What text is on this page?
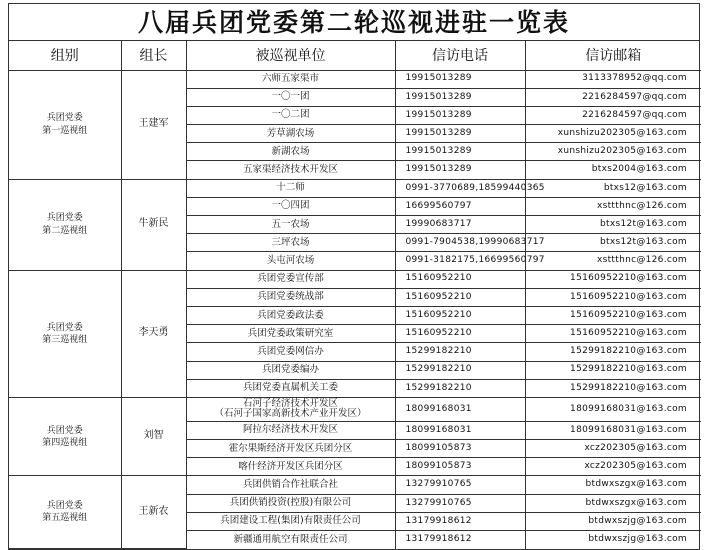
八届兵团党委第二轮巡视进驻一览表
组别	组长	被巡视单位	信访电话	信访邮箱

兵团党委
第一巡视组	王建军	六师五家渠市	19915013289	3113378952@qq.com

		一〇一团	19915013289	2216284597@qq.com

		一〇二团	19915013289	2216284597@qq.com

		芳草湖农场	19915013289	xunshizu202305@163.com

		新湖农场	19915013289	xunshizu202305@163.com

		五家渠经济技术开发区	19915013289	btxs2004@163.com

兵团党委
第二巡视组	牛新民	十二师	0991-3770689,18599440365	btxs12@163.com

		一〇四团	16699560797	xsttthnc@126.com

		五一农场	19990683717	btxs12t@163.com

		三坪农场	0991-7904538,19990683717	btxs12t@163.com

		头屯河农场	0991-3182175,16699560797	xsttthnc@126.com

兵团党委
第三巡视组	李天勇	兵团党委宣传部	15160952210	15160952210@163.com

		兵团党委统战部	15160952210	15160952210@163.com

		兵团党委政法委	15160952210	15160952210@163.com

		兵团党委政策研究室	15160952210	15160952210@163.com

		兵团党委网信办	15299182210	15299182210@163.com

		兵团党委编办	15299182210	15299182210@163.com

		兵团党委直属机关工委	15299182210	15299182210@163.com

兵团党委
第四巡视组	刘智	石河子经济技术开发区
（石河子国家高新技术产业开发区）	18099168031	18099168031@163.com

		阿拉尔经济技术开发区	18099168031	18099168031@163.com

		霍尔果斯经济开发区兵团分区	18099105873	xcz202305@163.com

		喀什经济开发区兵团分区	18099105873	xcz202305@163.com

兵团党委
第五巡视组	王新农	兵团供销合作社联合社	13279910765	btdwxszgx@163.com

		兵团供销投资(控股)有限公司	13279910765	btdwxszgx@163.com

		兵团建设工程(集团)有限责任公司	13179918612	btdwxszjg@163.com

		新疆通用航空有限责任公司	13179918612	btdwxszjg@163.com
